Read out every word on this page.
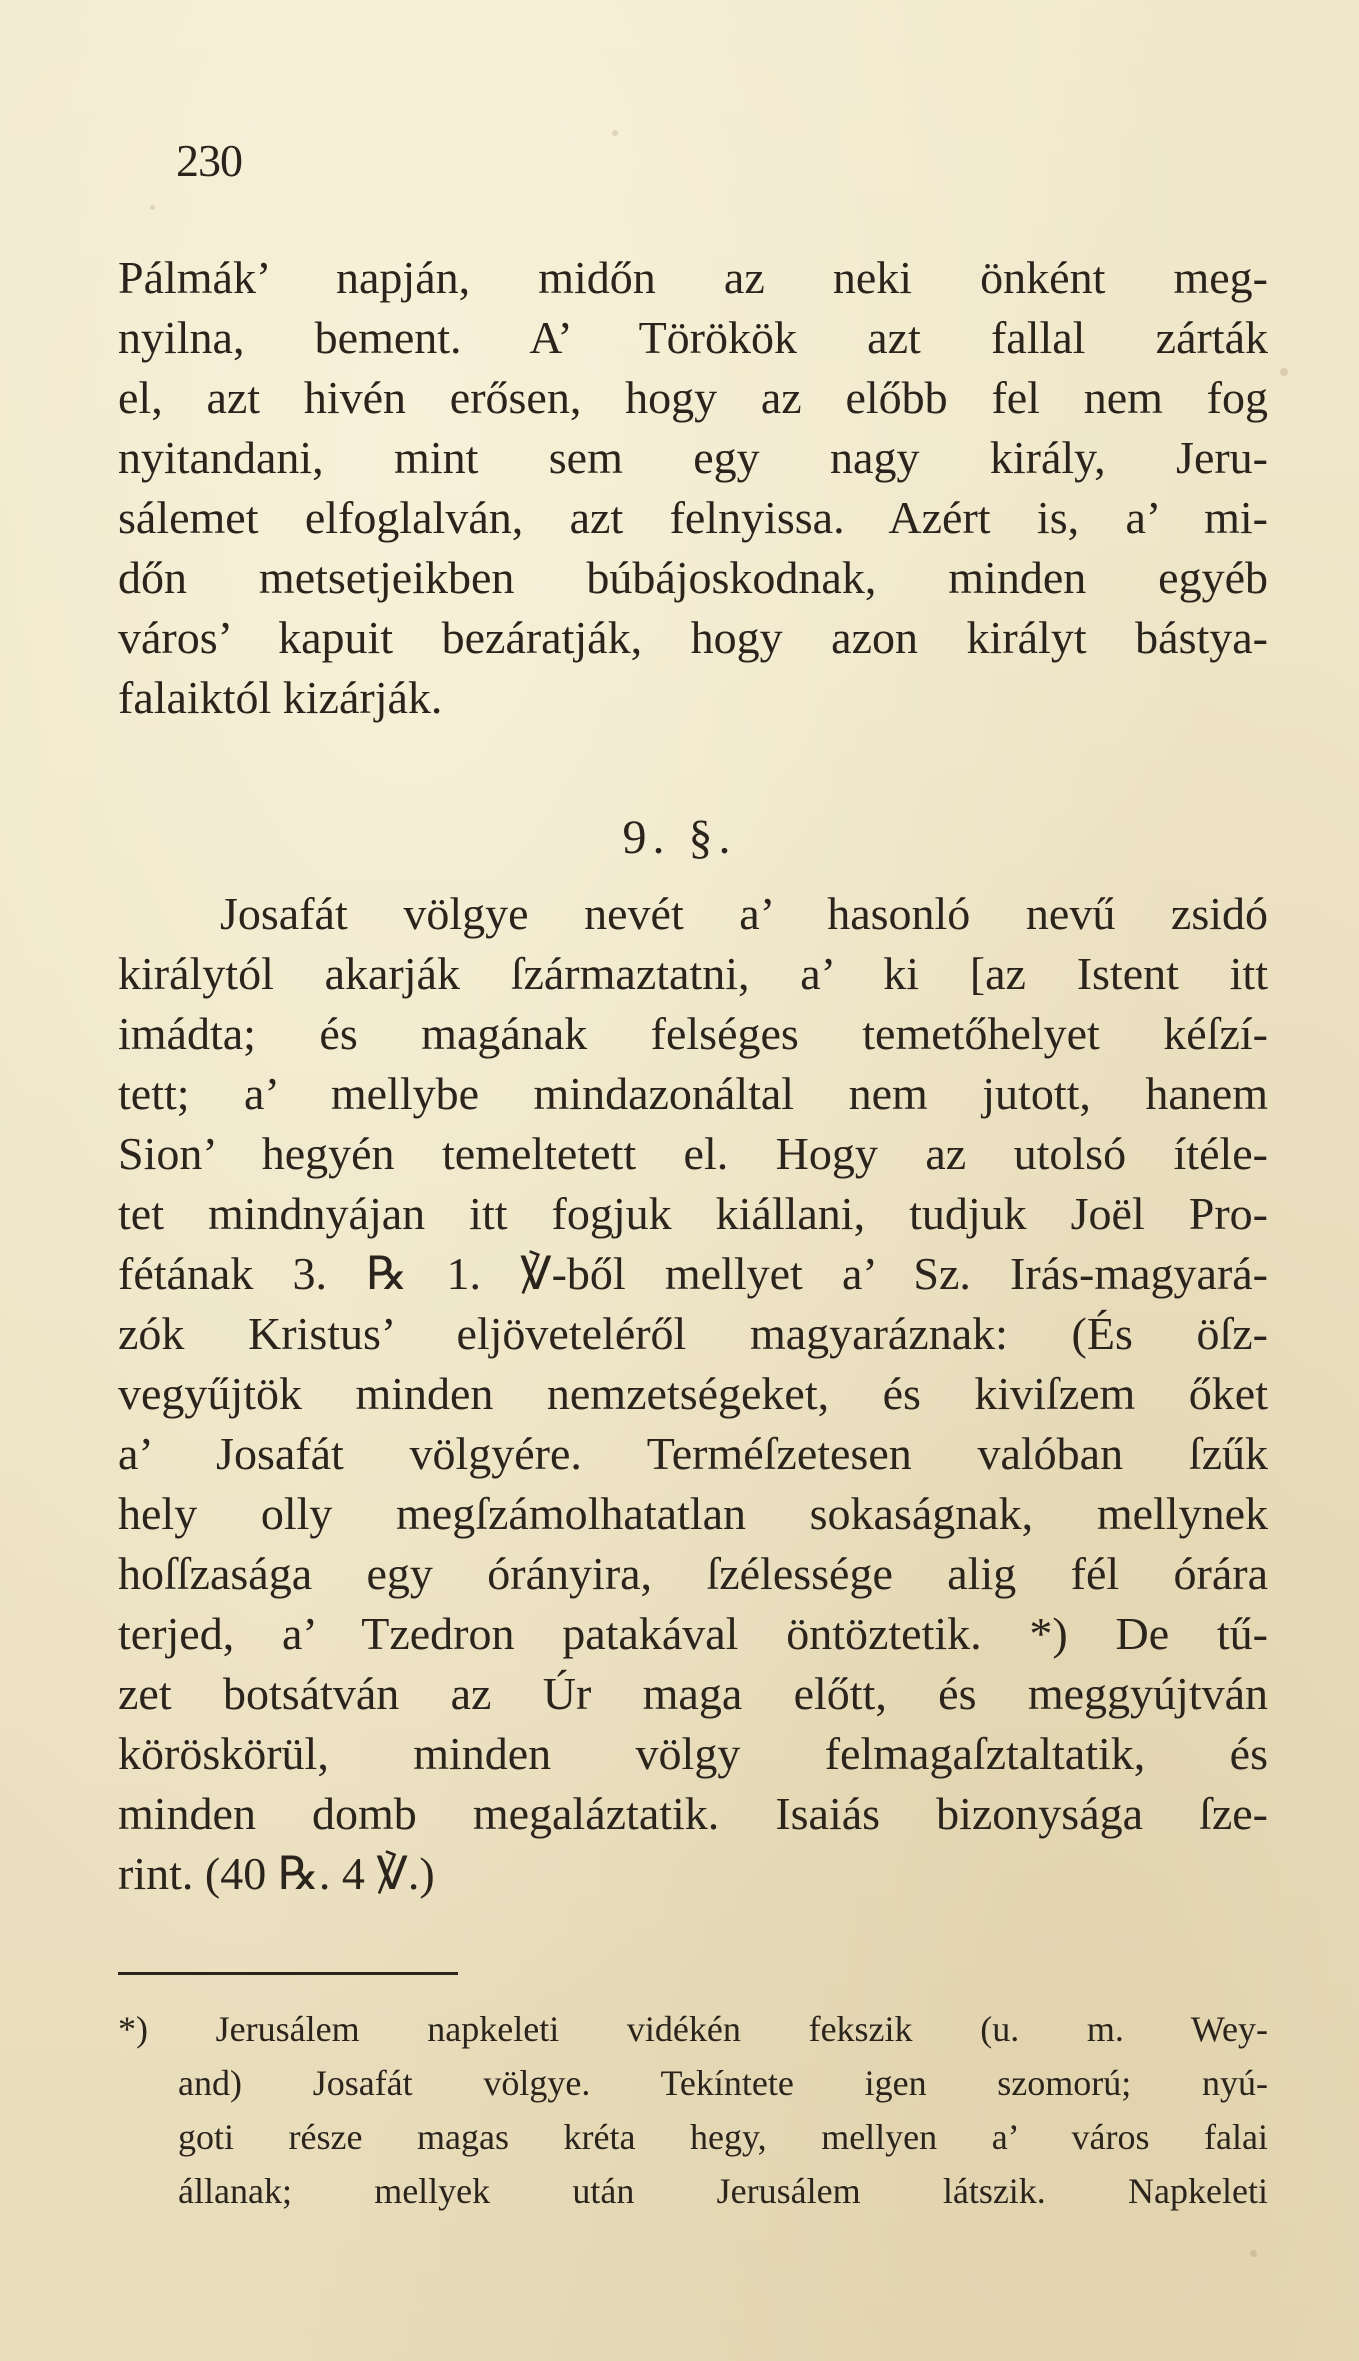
230

Pálmák’ napján, midőn az neki önként meg-

nyilna, bement. A’ Törökök azt fallal zárták

el, azt hivén erősen, hogy az előbb fel nem fog

nyitandani, mint sem egy nagy király, Jeru-

sálemet elfoglalván, azt felnyissa. Azért is, a’ mi-

dőn metsetjeikben búbájoskodnak, minden egyéb

város’ kapuit bezáratják, hogy azon királyt bástya-

falaiktól kizárják.

9. §.

Josafát völgye nevét a’ hasonló nevű zsidó

királytól akarják ſzármaztatni, a’ ki [az Istent itt

imádta; és magának felséges temetőhelyet kéſzí-

tett; a’ mellybe mindazonáltal nem jutott, hanem

Sion’ hegyén temeltetett el. Hogy az utolsó ítéle-

tet mindnyájan itt fogjuk kiállani, tudjuk Joël Pro-

fétának 3. ℞ 1. ℣-ből mellyet a’ Sz. Irás-magyará-

zók Kristus’ eljöveteléről magyaráznak: (És öſz-

vegyűjtök minden nemzetségeket, és kiviſzem őket

a’ Josafát völgyére. Terméſzetesen valóban ſzűk

hely olly megſzámolhatatlan sokaságnak, mellynek

hoſſzasága egy órányira, ſzélessége alig fél órára

terjed, a’ Tzedron patakával öntöztetik. *) De tű-

zet botsátván az Úr maga előtt, és meggyújtván

köröskörül, minden völgy felmagaſztaltatik, és

minden domb megaláztatik. Isaiás bizonysága ſze-

rint. (40 ℞. 4 ℣.)

*) Jerusálem napkeleti vidékén fekszik (u. m. Wey-

and) Josafát völgye. Tekíntete igen szomorú; nyú-

goti része magas kréta hegy, mellyen a’ város falai

állanak; mellyek után Jerusálem látszik. Napkeleti
